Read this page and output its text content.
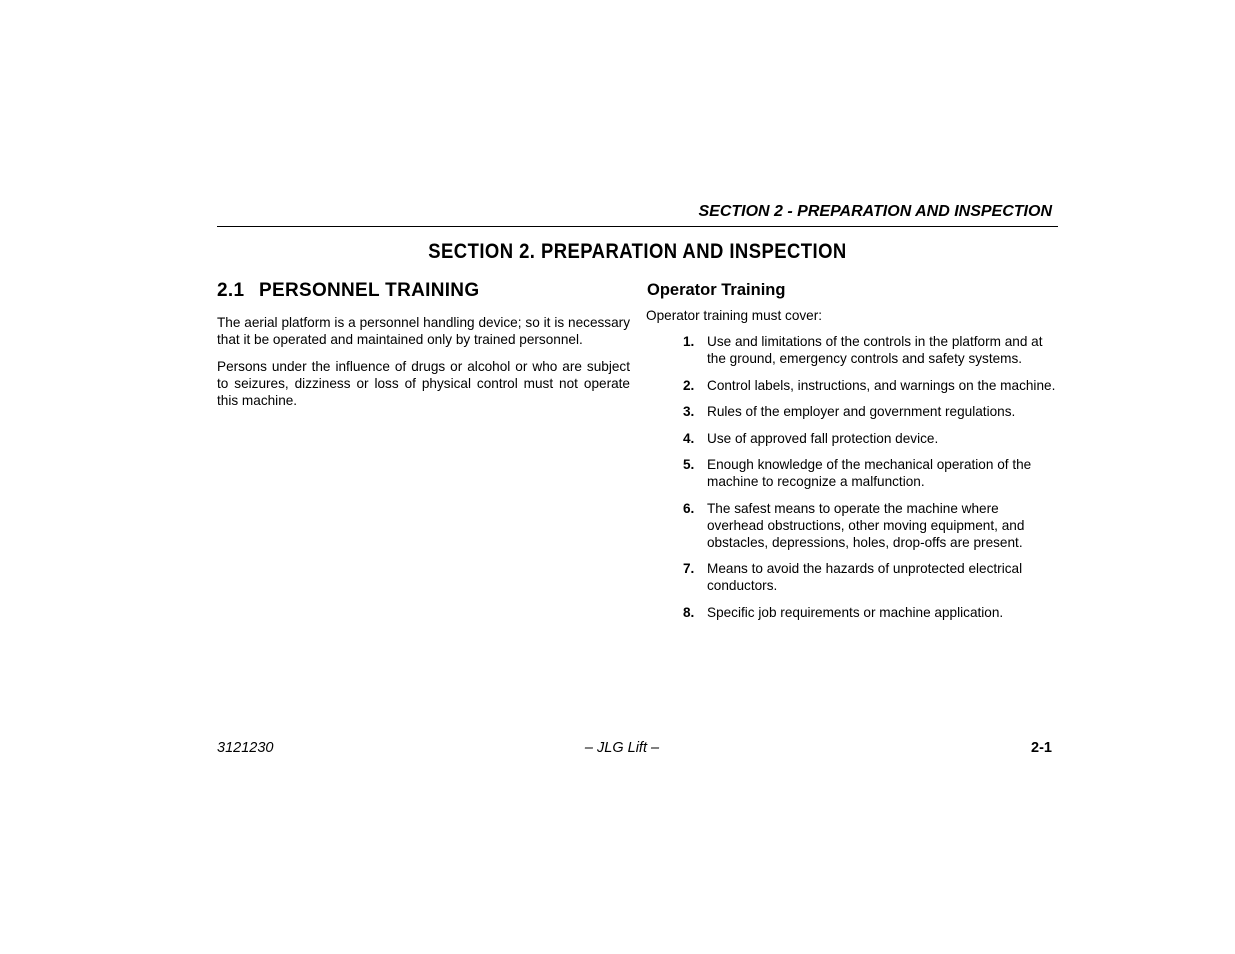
SECTION 2 - PREPARATION AND INSPECTION
SECTION 2. PREPARATION AND INSPECTION
2.1 PERSONNEL TRAINING

The aerial platform is a personnel handling device; so it is necessary that it be operated and maintained only by trained personnel.

Persons under the influence of drugs or alcohol or who are subject to seizures, dizziness or loss of physical control must not operate this machine.

Operator Training

Operator training must cover:

1. Use and limitations of the controls in the platform and at the ground, emergency controls and safety systems.
2. Control labels, instructions, and warnings on the machine.
3. Rules of the employer and government regulations.
4. Use of approved fall protection device.
5. Enough knowledge of the mechanical operation of the machine to recognize a malfunction.
6. The safest means to operate the machine where overhead obstructions, other moving equipment, and obstacles, depressions, holes, drop-offs are present.
7. Means to avoid the hazards of unprotected electrical conductors.
8. Specific job requirements or machine application.
3121230	– JLG Lift –	2-1
